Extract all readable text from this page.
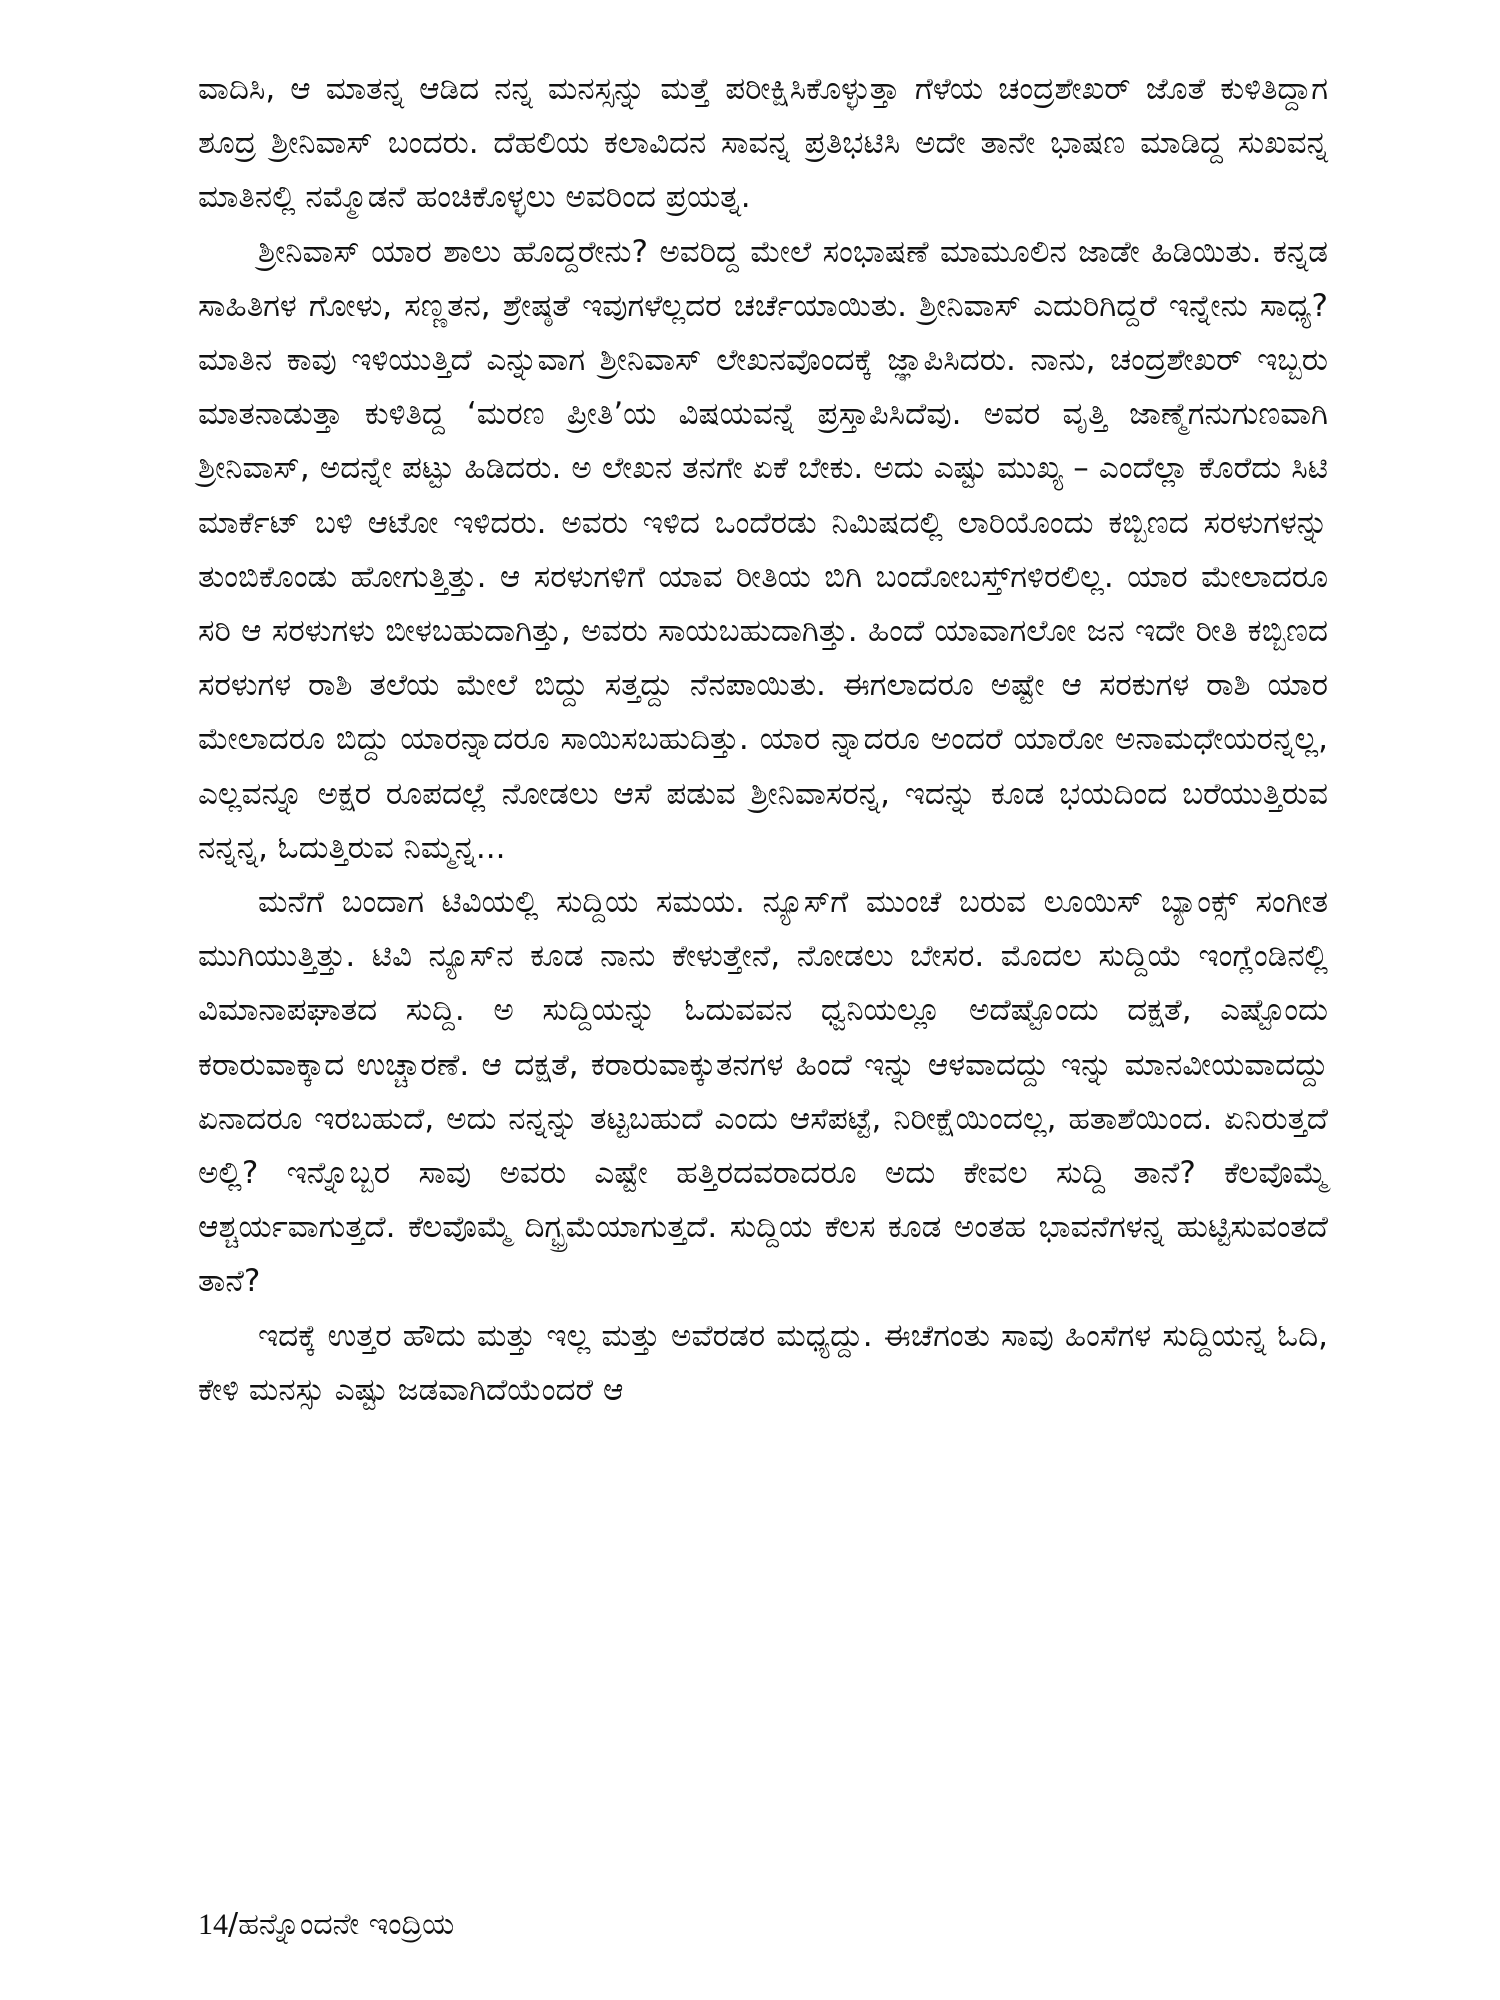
ವಾದಿಸಿ, ಆ ಮಾತನ್ನ ಆಡಿದ ನನ್ನ ಮನಸ್ಸನ್ನು ಮತ್ತೆ ಪರೀಕ್ಷಿಸಿಕೊಳ್ಳುತ್ತಾ ಗೆಳೆಯ ಚಂದ್ರಶೇಖರ್ ಜೊತೆ ಕುಳಿತಿದ್ದಾಗ ಶೂದ್ರ ಶ್ರೀನಿವಾಸ್ ಬಂದರು. ದೆಹಲಿಯ ಕಲಾವಿದನ ಸಾವನ್ನ ಪ್ರತಿಭಟಿಸಿ ಅದೇ ತಾನೇ ಭಾಷಣ ಮಾಡಿದ್ದ ಸುಖವನ್ನ ಮಾತಿನಲ್ಲಿ ನಮ್ಮೊಡನೆ ಹಂಚಿಕೊಳ್ಳಲು ಅವರಿಂದ ಪ್ರಯತ್ನ.

ಶ್ರೀನಿವಾಸ್ ಯಾರ ಶಾಲು ಹೊದ್ದರೇನು? ಅವರಿದ್ದ ಮೇಲೆ ಸಂಭಾಷಣೆ ಮಾಮೂಲಿನ ಜಾಡೇ ಹಿಡಿಯಿತು. ಕನ್ನಡ ಸಾಹಿತಿಗಳ ಗೋಳು, ಸಣ್ಣತನ, ಶ್ರೇಷ್ಠತೆ ಇವುಗಳೆಲ್ಲದರ ಚರ್ಚೆಯಾಯಿತು. ಶ್ರೀನಿವಾಸ್ ಎದುರಿಗಿದ್ದರೆ ಇನ್ನೇನು ಸಾಧ್ಯ? ಮಾತಿನ ಕಾವು ಇಳಿಯುತ್ತಿದೆ ಎನ್ನುವಾಗ ಶ್ರೀನಿವಾಸ್ ಲೇಖನವೊಂದಕ್ಕೆ ಜ್ಞಾಪಿಸಿದರು. ನಾನು, ಚಂದ್ರಶೇಖರ್ ಇಬ್ಬರು ಮಾತನಾಡುತ್ತಾ ಕುಳಿತಿದ್ದ ‘ಮರಣ ಪ್ರೀತಿ’ಯ ವಿಷಯವನ್ನೆ ಪ್ರಸ್ತಾಪಿಸಿದೆವು. ಅವರ ವೃತ್ತಿ ಜಾಣ್ಮೆಗನುಗುಣವಾಗಿ ಶ್ರೀನಿವಾಸ್, ಅದನ್ನೇ ಪಟ್ಟು ಹಿಡಿದರು. ಅ ಲೇಖನ ತನಗೇ ಏಕೆ ಬೇಕು. ಅದು ಎಷ್ಟು ಮುಖ್ಯ – ಎಂದೆಲ್ಲಾ ಕೊರೆದು ಸಿಟಿ ಮಾರ್ಕೆಟ್ ಬಳಿ ಆಟೋ ಇಳಿದರು. ಅವರು ಇಳಿದ ಒಂದೆರಡು ನಿಮಿಷದಲ್ಲಿ ಲಾರಿಯೊಂದು ಕಬ್ಬಿಣದ ಸರಳುಗಳನ್ನು ತುಂಬಿಕೊಂಡು ಹೋಗುತ್ತಿತ್ತು. ಆ ಸರಳುಗಳಿಗೆ ಯಾವ ರೀತಿಯ ಬಿಗಿ ಬಂದೋಬಸ್ತ್‌ಗಳಿರಲಿಲ್ಲ. ಯಾರ ಮೇಲಾದರೂ ಸರಿ ಆ ಸರಳುಗಳು ಬೀಳಬಹುದಾಗಿತ್ತು, ಅವರು ಸಾಯಬಹುದಾಗಿತ್ತು. ಹಿಂದೆ ಯಾವಾಗಲೋ ಜನ ಇದೇ ರೀತಿ ಕಬ್ಬಿಣದ ಸರಳುಗಳ ರಾಶಿ ತಲೆಯ ಮೇಲೆ ಬಿದ್ದು ಸತ್ತದ್ದು ನೆನಪಾಯಿತು. ಈಗಲಾದರೂ ಅಷ್ಟೇ ಆ ಸರಕುಗಳ ರಾಶಿ ಯಾರ ಮೇಲಾದರೂ ಬಿದ್ದು ಯಾರನ್ನಾದರೂ ಸಾಯಿಸಬಹುದಿತ್ತು. ಯಾರ ನ್ನಾದರೂ ಅಂದರೆ ಯಾರೋ ಅನಾಮಧೇಯರನ್ನಲ್ಲ, ಎಲ್ಲವನ್ನೂ ಅಕ್ಷರ ರೂಪದಲ್ಲೆ ನೋಡಲು ಆಸೆ ಪಡುವ ಶ್ರೀನಿವಾಸರನ್ನ, ಇದನ್ನು ಕೂಡ ಭಯದಿಂದ ಬರೆಯುತ್ತಿರುವ ನನ್ನನ್ನ, ಓದುತ್ತಿರುವ ನಿಮ್ಮನ್ನ...

ಮನೆಗೆ ಬಂದಾಗ ಟಿವಿಯಲ್ಲಿ ಸುದ್ದಿಯ ಸಮಯ. ನ್ಯೂಸ್‌ಗೆ ಮುಂಚೆ ಬರುವ ಲೂಯಿಸ್ ಬ್ಯಾಂಕ್ಸ್ ಸಂಗೀತ ಮುಗಿಯುತ್ತಿತ್ತು. ಟಿವಿ ನ್ಯೂಸ್‌ನ ಕೂಡ ನಾನು ಕೇಳುತ್ತೇನೆ, ನೋಡಲು ಬೇಸರ. ಮೊದಲ ಸುದ್ದಿಯೆ ಇಂಗ್ಲೆಂಡಿನಲ್ಲಿ ವಿಮಾನಾಪಘಾತದ ಸುದ್ದಿ. ಅ ಸುದ್ದಿಯನ್ನು ಓದುವವನ ಧ್ವನಿಯಲ್ಲೂ ಅದೆಷ್ಟೊಂದು ದಕ್ಷತೆ, ಎಷ್ಟೊಂದು ಕರಾರುವಾಕ್ಕಾದ ಉಚ್ಚಾರಣೆ. ಆ ದಕ್ಷತೆ, ಕರಾರುವಾಕ್ಕುತನಗಳ ಹಿಂದೆ ಇನ್ನು ಆಳವಾದದ್ದು ಇನ್ನು ಮಾನವೀಯವಾದದ್ದು ಏನಾದರೂ ಇರಬಹುದೆ, ಅದು ನನ್ನನ್ನು ತಟ್ಟಬಹುದೆ ಎಂದು ಆಸೆಪಟ್ಟೆ, ನಿರೀಕ್ಷೆಯಿಂದಲ್ಲ, ಹತಾಶೆಯಿಂದ. ಏನಿರುತ್ತದೆ ಅಲ್ಲಿ? ಇನ್ನೊಬ್ಬರ ಸಾವು ಅವರು ಎಷ್ಟೇ ಹತ್ತಿರದವರಾದರೂ ಅದು ಕೇವಲ ಸುದ್ದಿ ತಾನೆ? ಕೆಲವೊಮ್ಮೆ ಆಶ್ಚರ್ಯವಾಗುತ್ತದೆ. ಕೆಲವೊಮ್ಮೆ ದಿಗ್ಭ್ರಮೆಯಾಗುತ್ತದೆ. ಸುದ್ದಿಯ ಕೆಲಸ ಕೂಡ ಅಂತಹ ಭಾವನೆಗಳನ್ನ ಹುಟ್ಟಿಸುವಂತದೆ ತಾನೆ?

ಇದಕ್ಕೆ ಉತ್ತರ ಹೌದು ಮತ್ತು ಇಲ್ಲ ಮತ್ತು ಅವೆರಡರ ಮಧ್ಯದ್ದು. ಈಚೆಗಂತು ಸಾವು ಹಿಂಸೆಗಳ ಸುದ್ದಿಯನ್ನ ಓದಿ, ಕೇಳಿ ಮನಸ್ಸು ಎಷ್ಟು ಜಡವಾಗಿದೆಯೆಂದರೆ ಆ

14/ಹನ್ನೊಂದನೇ ಇಂದ್ರಿಯ
